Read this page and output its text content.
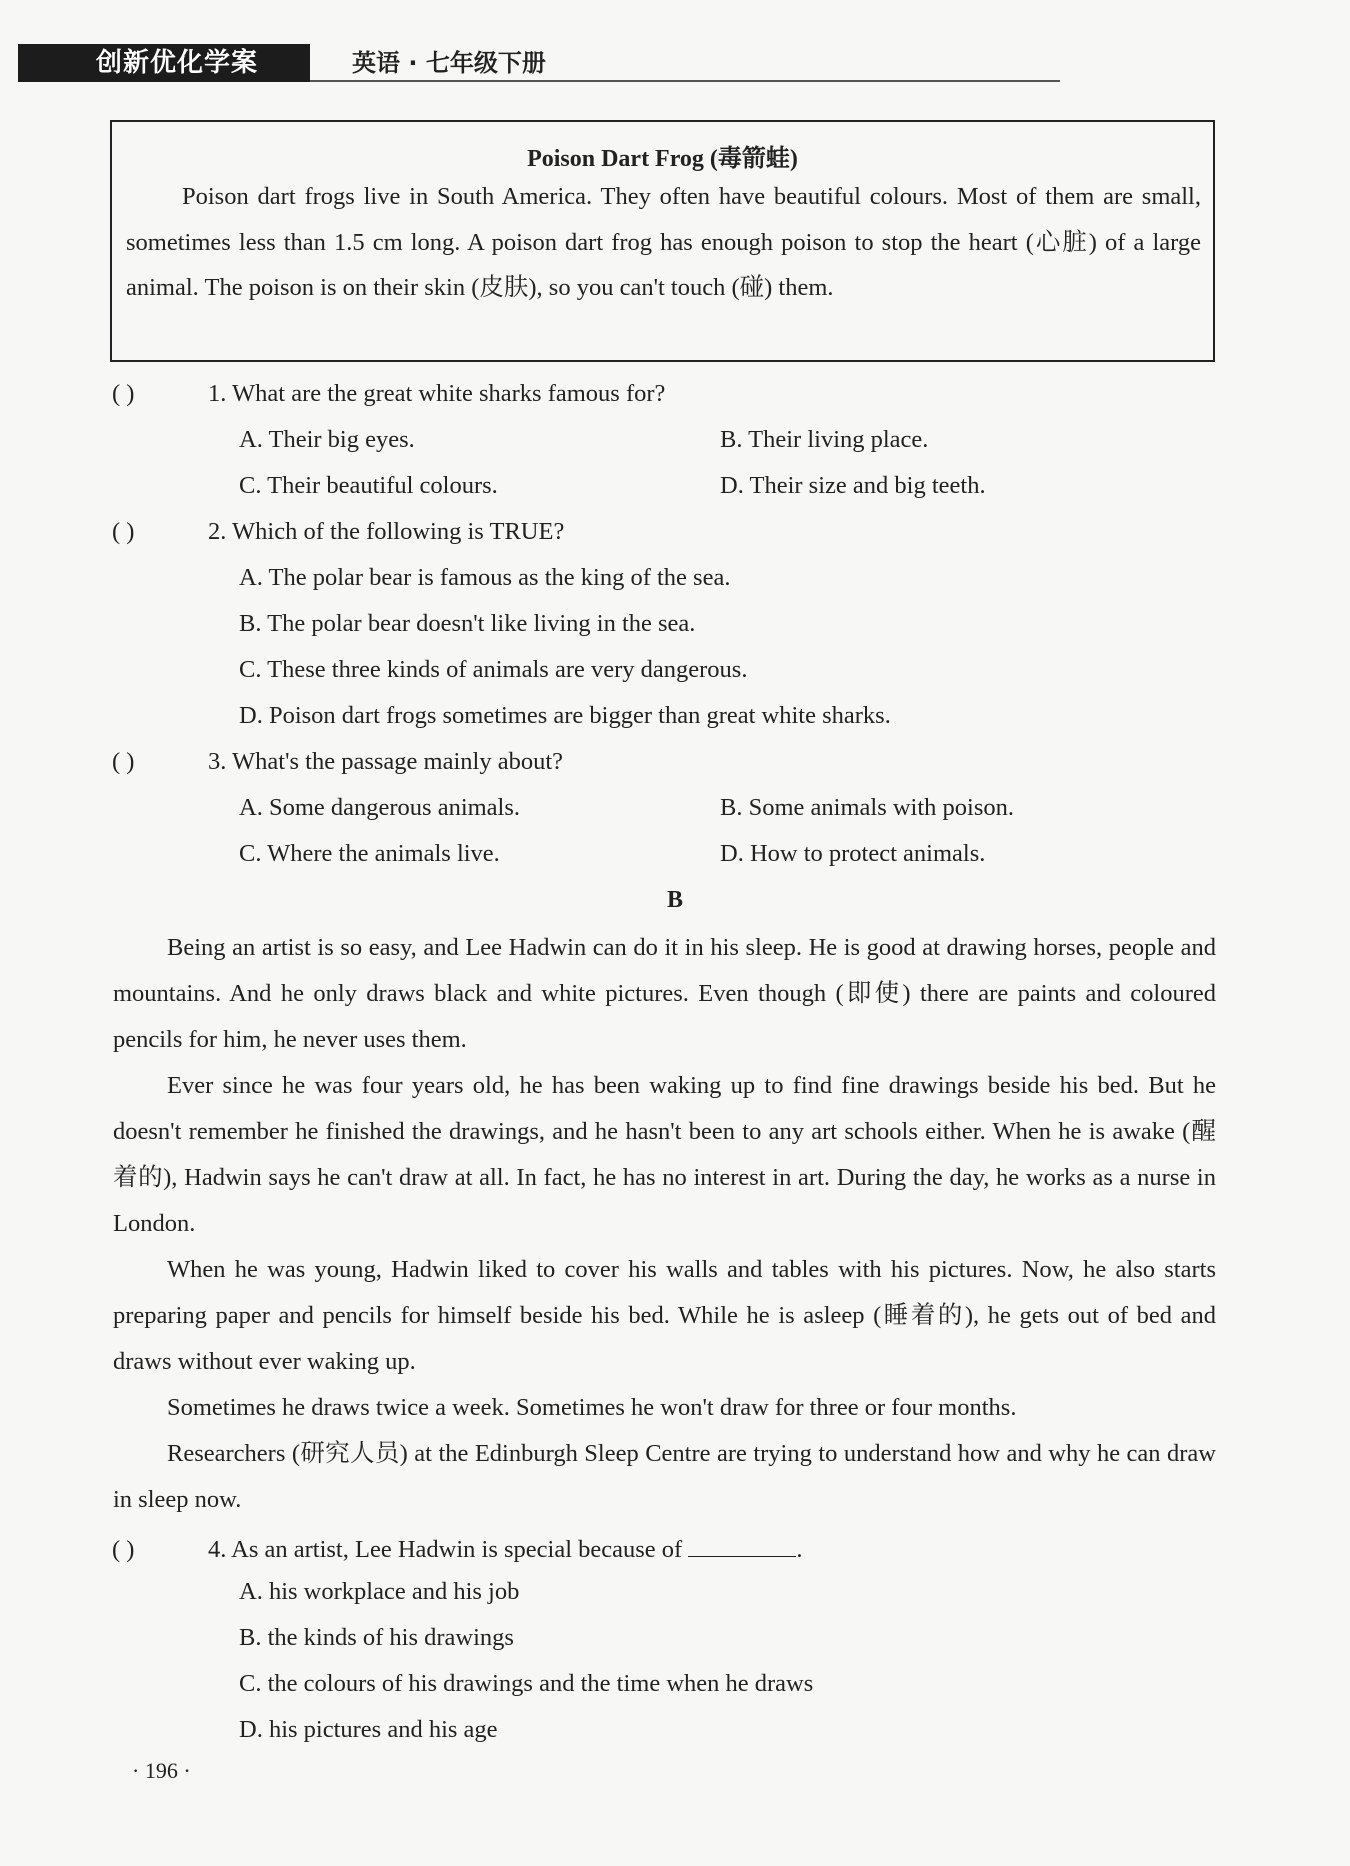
创新优化学案	英语 · 七年级下册
Poison Dart Frog (毒箭蛙)
Poison dart frogs live in South America. They often have beautiful colours. Most of them are small, sometimes less than 1.5 cm long. A poison dart frog has enough poison to stop the heart (心脏) of a large animal. The poison is on their skin (皮肤), so you can't touch (碰) them.
( )	1. What are the great white sharks famous for?
A. Their big eyes.	B. Their living place.
C. Their beautiful colours.	D. Their size and big teeth.
( )	2. Which of the following is TRUE?
A. The polar bear is famous as the king of the sea.
B. The polar bear doesn't like living in the sea.
C. These three kinds of animals are very dangerous.
D. Poison dart frogs sometimes are bigger than great white sharks.
( )	3. What's the passage mainly about?
A. Some dangerous animals.	B. Some animals with poison.
C. Where the animals live.	D. How to protect animals.
B

Being an artist is so easy, and Lee Hadwin can do it in his sleep. He is good at drawing horses, people and mountains. And he only draws black and white pictures. Even though (即使) there are paints and coloured pencils for him, he never uses them.

Ever since he was four years old, he has been waking up to find fine drawings beside his bed. But he doesn't remember he finished the drawings, and he hasn't been to any art schools either. When he is awake (醒着的), Hadwin says he can't draw at all. In fact, he has no interest in art. During the day, he works as a nurse in London.

When he was young, Hadwin liked to cover his walls and tables with his pictures. Now, he also starts preparing paper and pencils for himself beside his bed. While he is asleep (睡着的), he gets out of bed and draws without ever waking up.

Sometimes he draws twice a week. Sometimes he won't draw for three or four months.

Researchers (研究人员) at the Edinburgh Sleep Centre are trying to understand how and why he can draw in sleep now.

( )	4. As an artist, Lee Hadwin is special because of	.
A. his workplace and his job
B. the kinds of his drawings
C. the colours of his drawings and the time when he draws
D. his pictures and his age
· 196 ·
